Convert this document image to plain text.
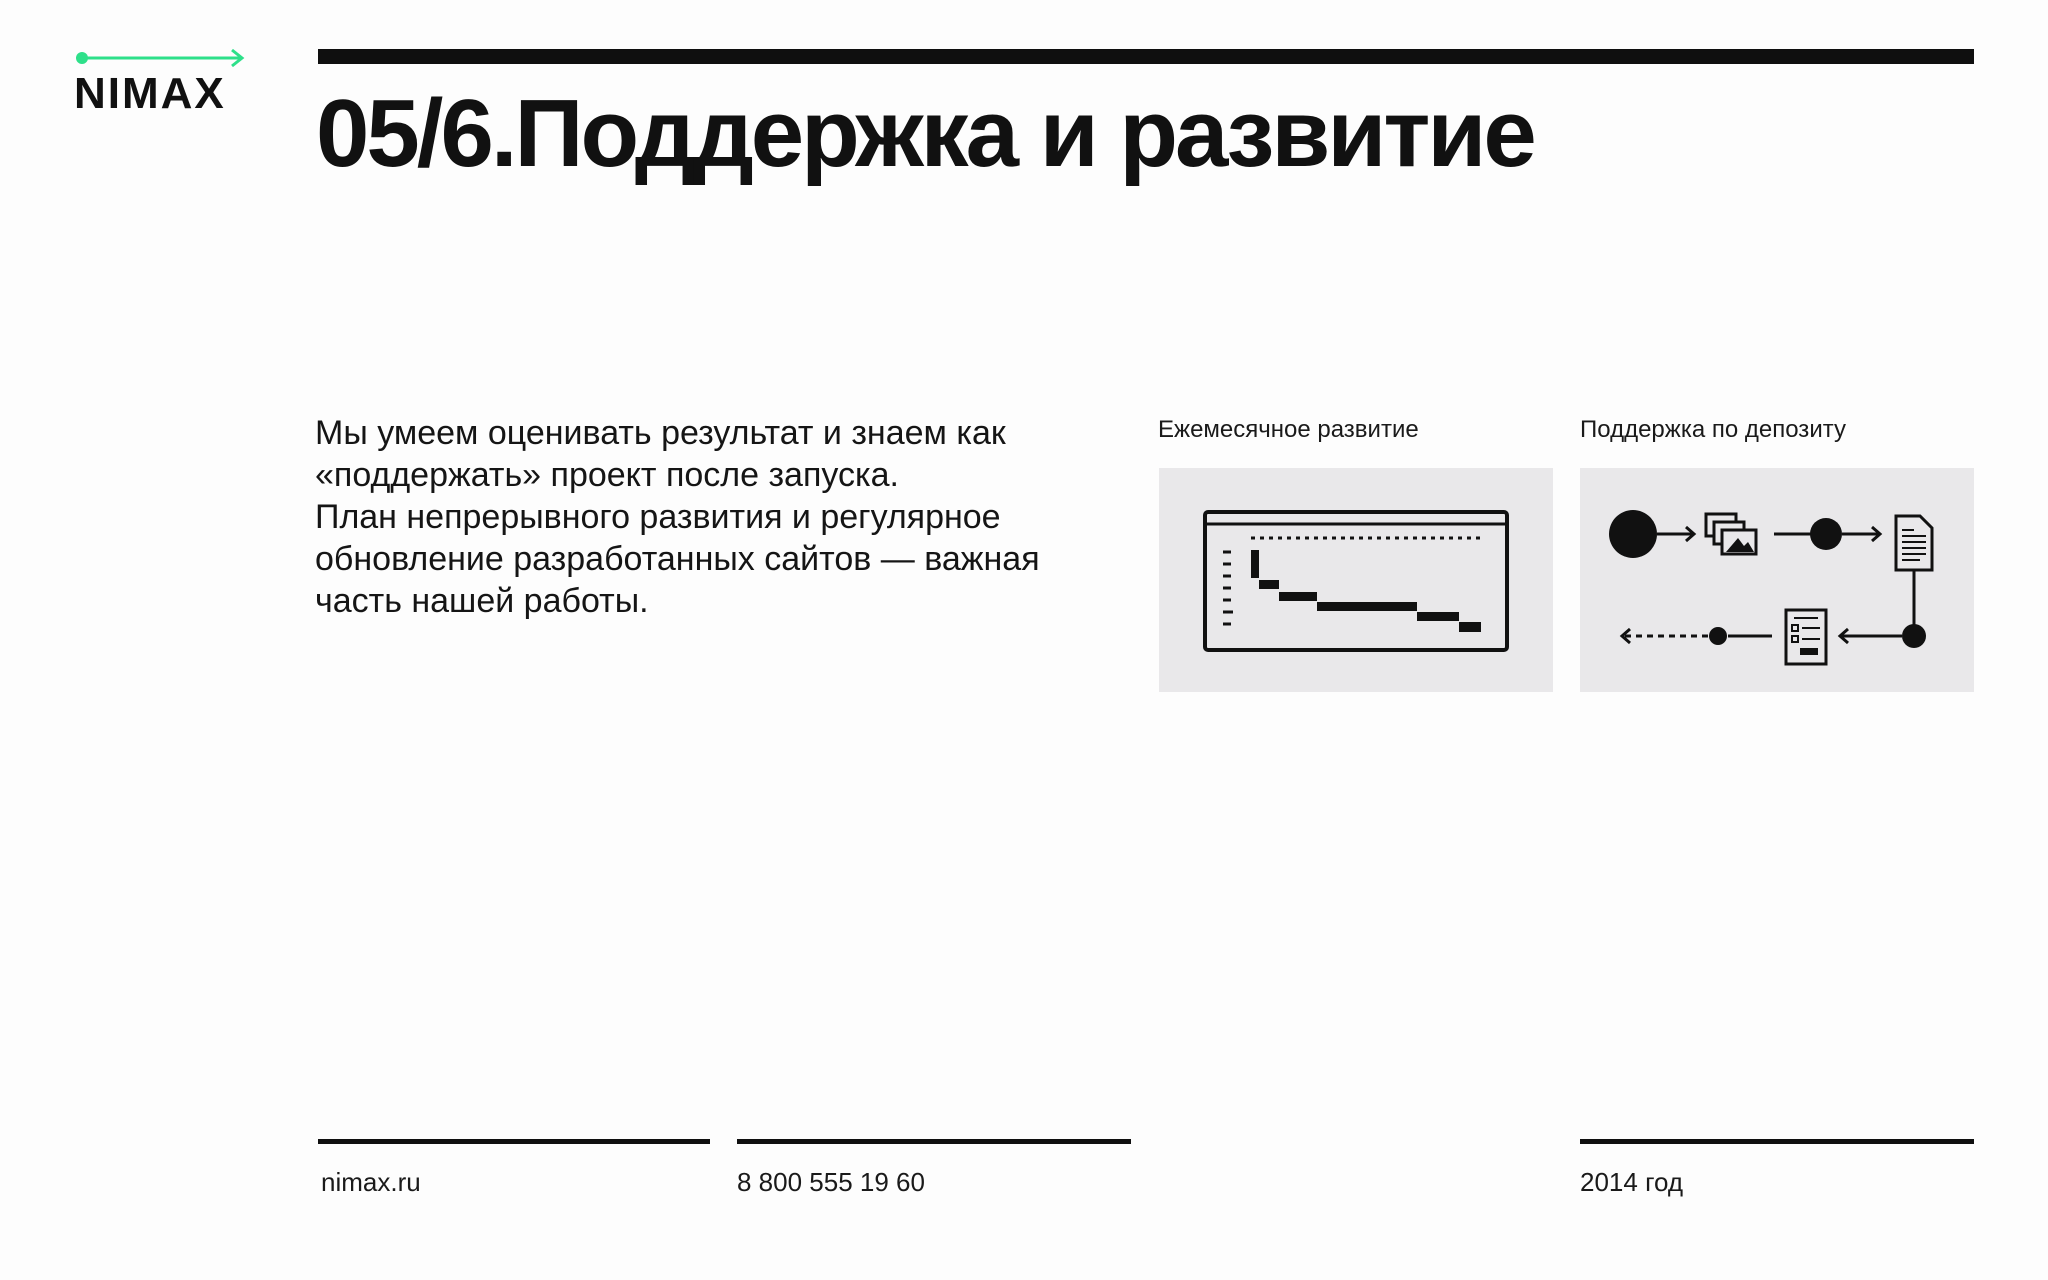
NIMAX 05/6.Поддержка и развитие

Мы умеем оценивать результат и знаем как «поддержать» проект после запуска.

План непрерывного развития и регулярное обновление разработанных сайтов — важная часть нашей работы.

Ежемесячное развитие	Поддержка по депозиту
nimax.ru	8 800 555 19 60	2014 год
